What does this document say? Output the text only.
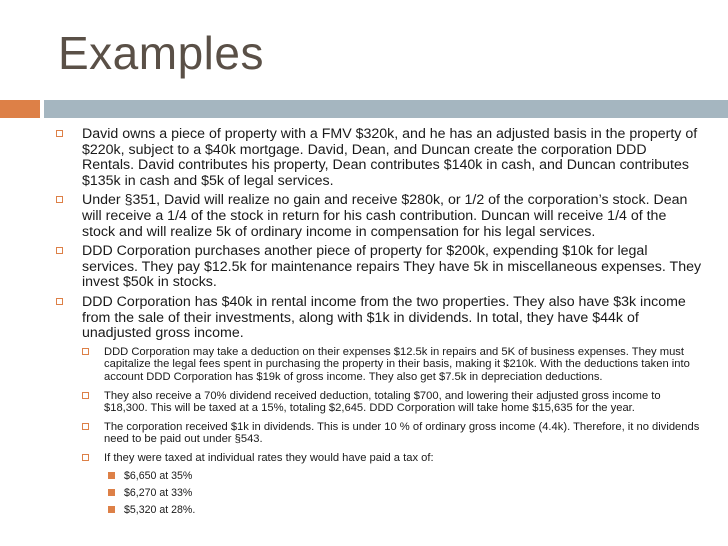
Examples
David owns a piece of property with a FMV $320k, and he has an adjusted basis in the property of $220k, subject to a $40k mortgage. David, Dean, and Duncan create the corporation DDD Rentals. David contributes his property, Dean contributes $140k in cash, and Duncan contributes $135k in cash and $5k of legal services.
Under §351, David will realize no gain and receive $280k, or 1/2 of the corporation’s stock. Dean will receive a 1/4 of the stock in return for his cash contribution. Duncan will receive 1/4 of the stock and will realize 5k of ordinary income in compensation for his legal services.
DDD Corporation purchases another piece of property for $200k, expending $10k for legal services. They pay $12.5k for maintenance repairs They have 5k in miscellaneous expenses. They invest $50k in stocks.
DDD Corporation has $40k in rental income from the two properties. They also have $3k income from the sale of their investments, along with $1k in dividends. In total, they have $44k of unadjusted gross income.
DDD Corporation may take a deduction on their expenses $12.5k in repairs and 5K of business expenses. They must capitalize the legal fees spent in purchasing the property in their basis, making it $210k. With the deductions taken into account DDD Corporation has $19k of gross income. They also get $7.5k in depreciation deductions.
They also receive a 70% dividend received deduction, totaling $700, and lowering their adjusted gross income to $18,300. This will be taxed at a 15%, totaling $2,645. DDD Corporation will take home $15,635 for the year.
The corporation received $1k in dividends. This is under 10 % of ordinary gross income (4.4k). Therefore, it no dividends need to be paid out under §543.
If they were taxed at individual rates they would have paid a tax of:
$6,650 at 35%
$6,270 at 33%
$5,320 at 28%.
